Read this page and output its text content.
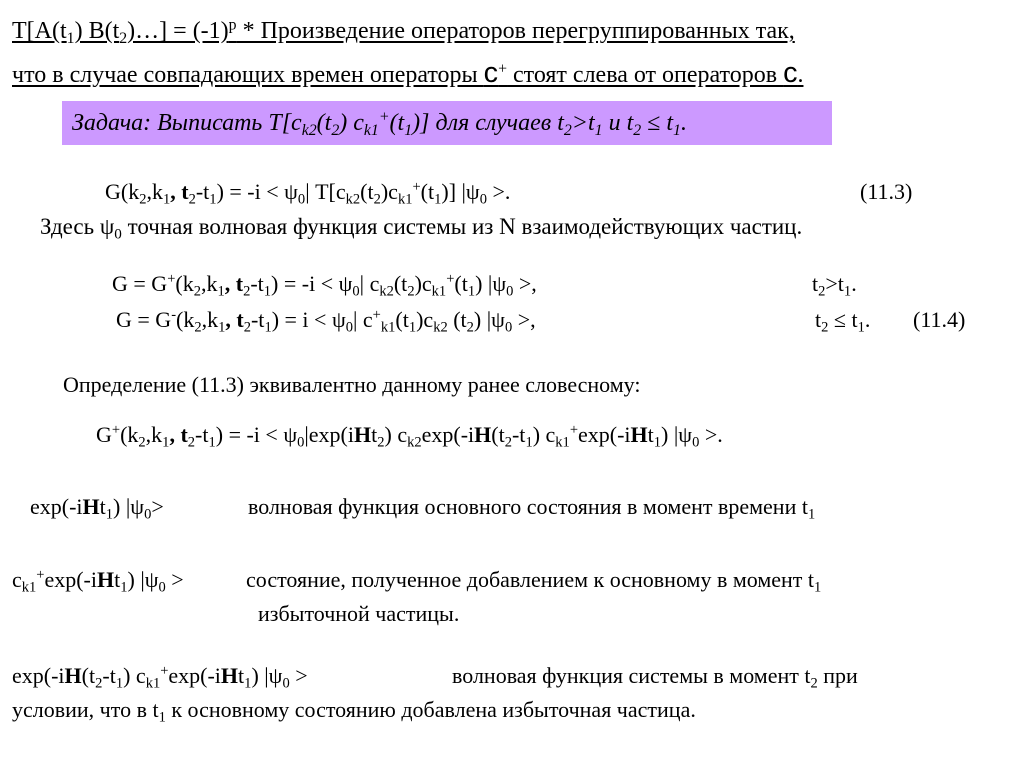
$T[A(t_1)$ $B(t_2)\dots] = (-1)^p$ * Произведение операторов перегруппированных так,
что в случае совпадающих времен операторы c+ стоят слева от операторов c.
Задача: Выписать $T[c_{k2}(t_2)$ $c_{k1}^+(t_1)$] для случаев $t_2>t_1$ и $t_2 \le t_1$.
$G(k_2,k_1$, $t_2-t_1) = -i < \psi_0|$ $T[c_{k2}(t_2)c_{k1}^+(t_1)]$ $|\psi_0$ >.	(11.3)
Здесь $\psi_0$ точная волновая функция системы из N взаимодействующих частиц.
$G = G^+(k_2,k_1$, $t_2-t_1) = -i < \psi_0|$ $c_{k2}(t_2)c_{k1}^+(t_1)$ $|\psi_0$ >,	$t_2>t_1$.
$G = G^-(k_2,k_1$, $t_2-t_1) = i < \psi_0|$ $c^+_{k1}(t_1)c_{k2}$ $(t_2)$ $|\psi_0$ >,	$t_2 \le t_1$. (11.4)
Определение (11.3) эквивалентно данному ранее словесному:
$G^+(k_2,k_1$, $t_2-t_1) = -i < \psi_0|\exp(iHt_2)$ $c_{k2}\exp(-iH(t_2-t_1)$ $c_{k1}^+\exp(-iHt_1)$ $|\psi_0$ >.
exp(-iHt$_1$) $|\psi_0>$	волновая функция основного состояния в момент времени $t_1$
$c_{k1}^+\exp(-iHt_1) |\psi_0$ >	состояние, полученное добавлением к основному в момент $t_1$
избыточной частицы.
$\exp(-iH(t_2-t_1)$ $c_{k1}^+\exp(-iHt_1) |\psi_0$ >	волновая функция системы в момент $t_2$ при
условии, что в $t_1$ к основному состоянию добавлена избыточная частица.
